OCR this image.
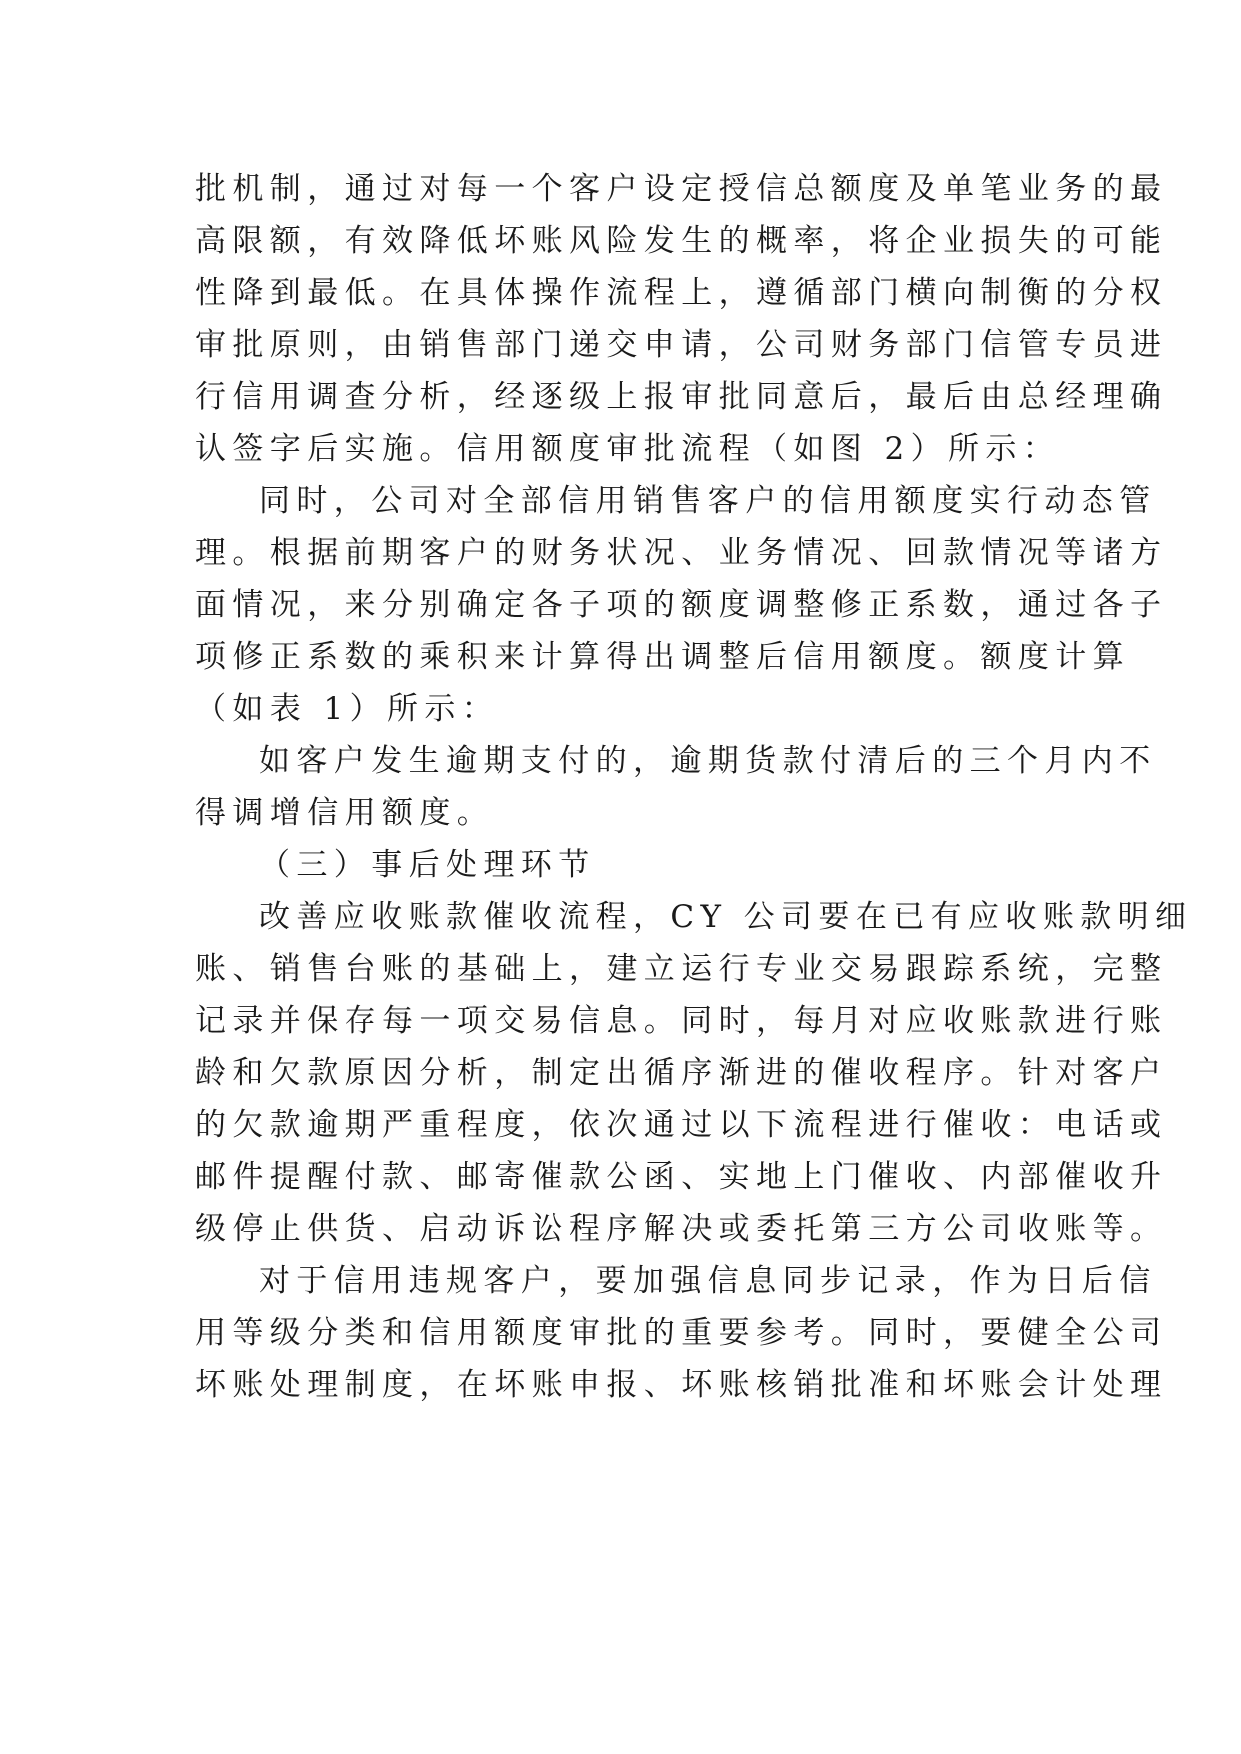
批机制，通过对每一个客户设定授信总额度及单笔业务的最
高限额，有效降低坏账风险发生的概率，将企业损失的可能
性降到最低。在具体操作流程上，遵循部门横向制衡的分权
审批原则，由销售部门递交申请，公司财务部门信管专员进
行信用调查分析，经逐级上报审批同意后，最后由总经理确
认签字后实施。信用额度审批流程（如图 2）所示：
同时，公司对全部信用销售客户的信用额度实行动态管
理。根据前期客户的财务状况、业务情况、回款情况等诸方
面情况，来分别确定各子项的额度调整修正系数，通过各子
项修正系数的乘积来计算得出调整后信用额度。额度计算
（如表 1）所示：
如客户发生逾期支付的，逾期货款付清后的三个月内不
得调增信用额度。
（三）事后处理环节
改善应收账款催收流程，CY 公司要在已有应收账款明细
账、销售台账的基础上，建立运行专业交易跟踪系统，完整
记录并保存每一项交易信息。同时，每月对应收账款进行账
龄和欠款原因分析，制定出循序渐进的催收程序。针对客户
的欠款逾期严重程度，依次通过以下流程进行催收：电话或
邮件提醒付款、邮寄催款公函、实地上门催收、内部催收升
级停止供货、启动诉讼程序解决或委托第三方公司收账等。
对于信用违规客户，要加强信息同步记录，作为日后信
用等级分类和信用额度审批的重要参考。同时，要健全公司
坏账处理制度，在坏账申报、坏账核销批准和坏账会计处理
